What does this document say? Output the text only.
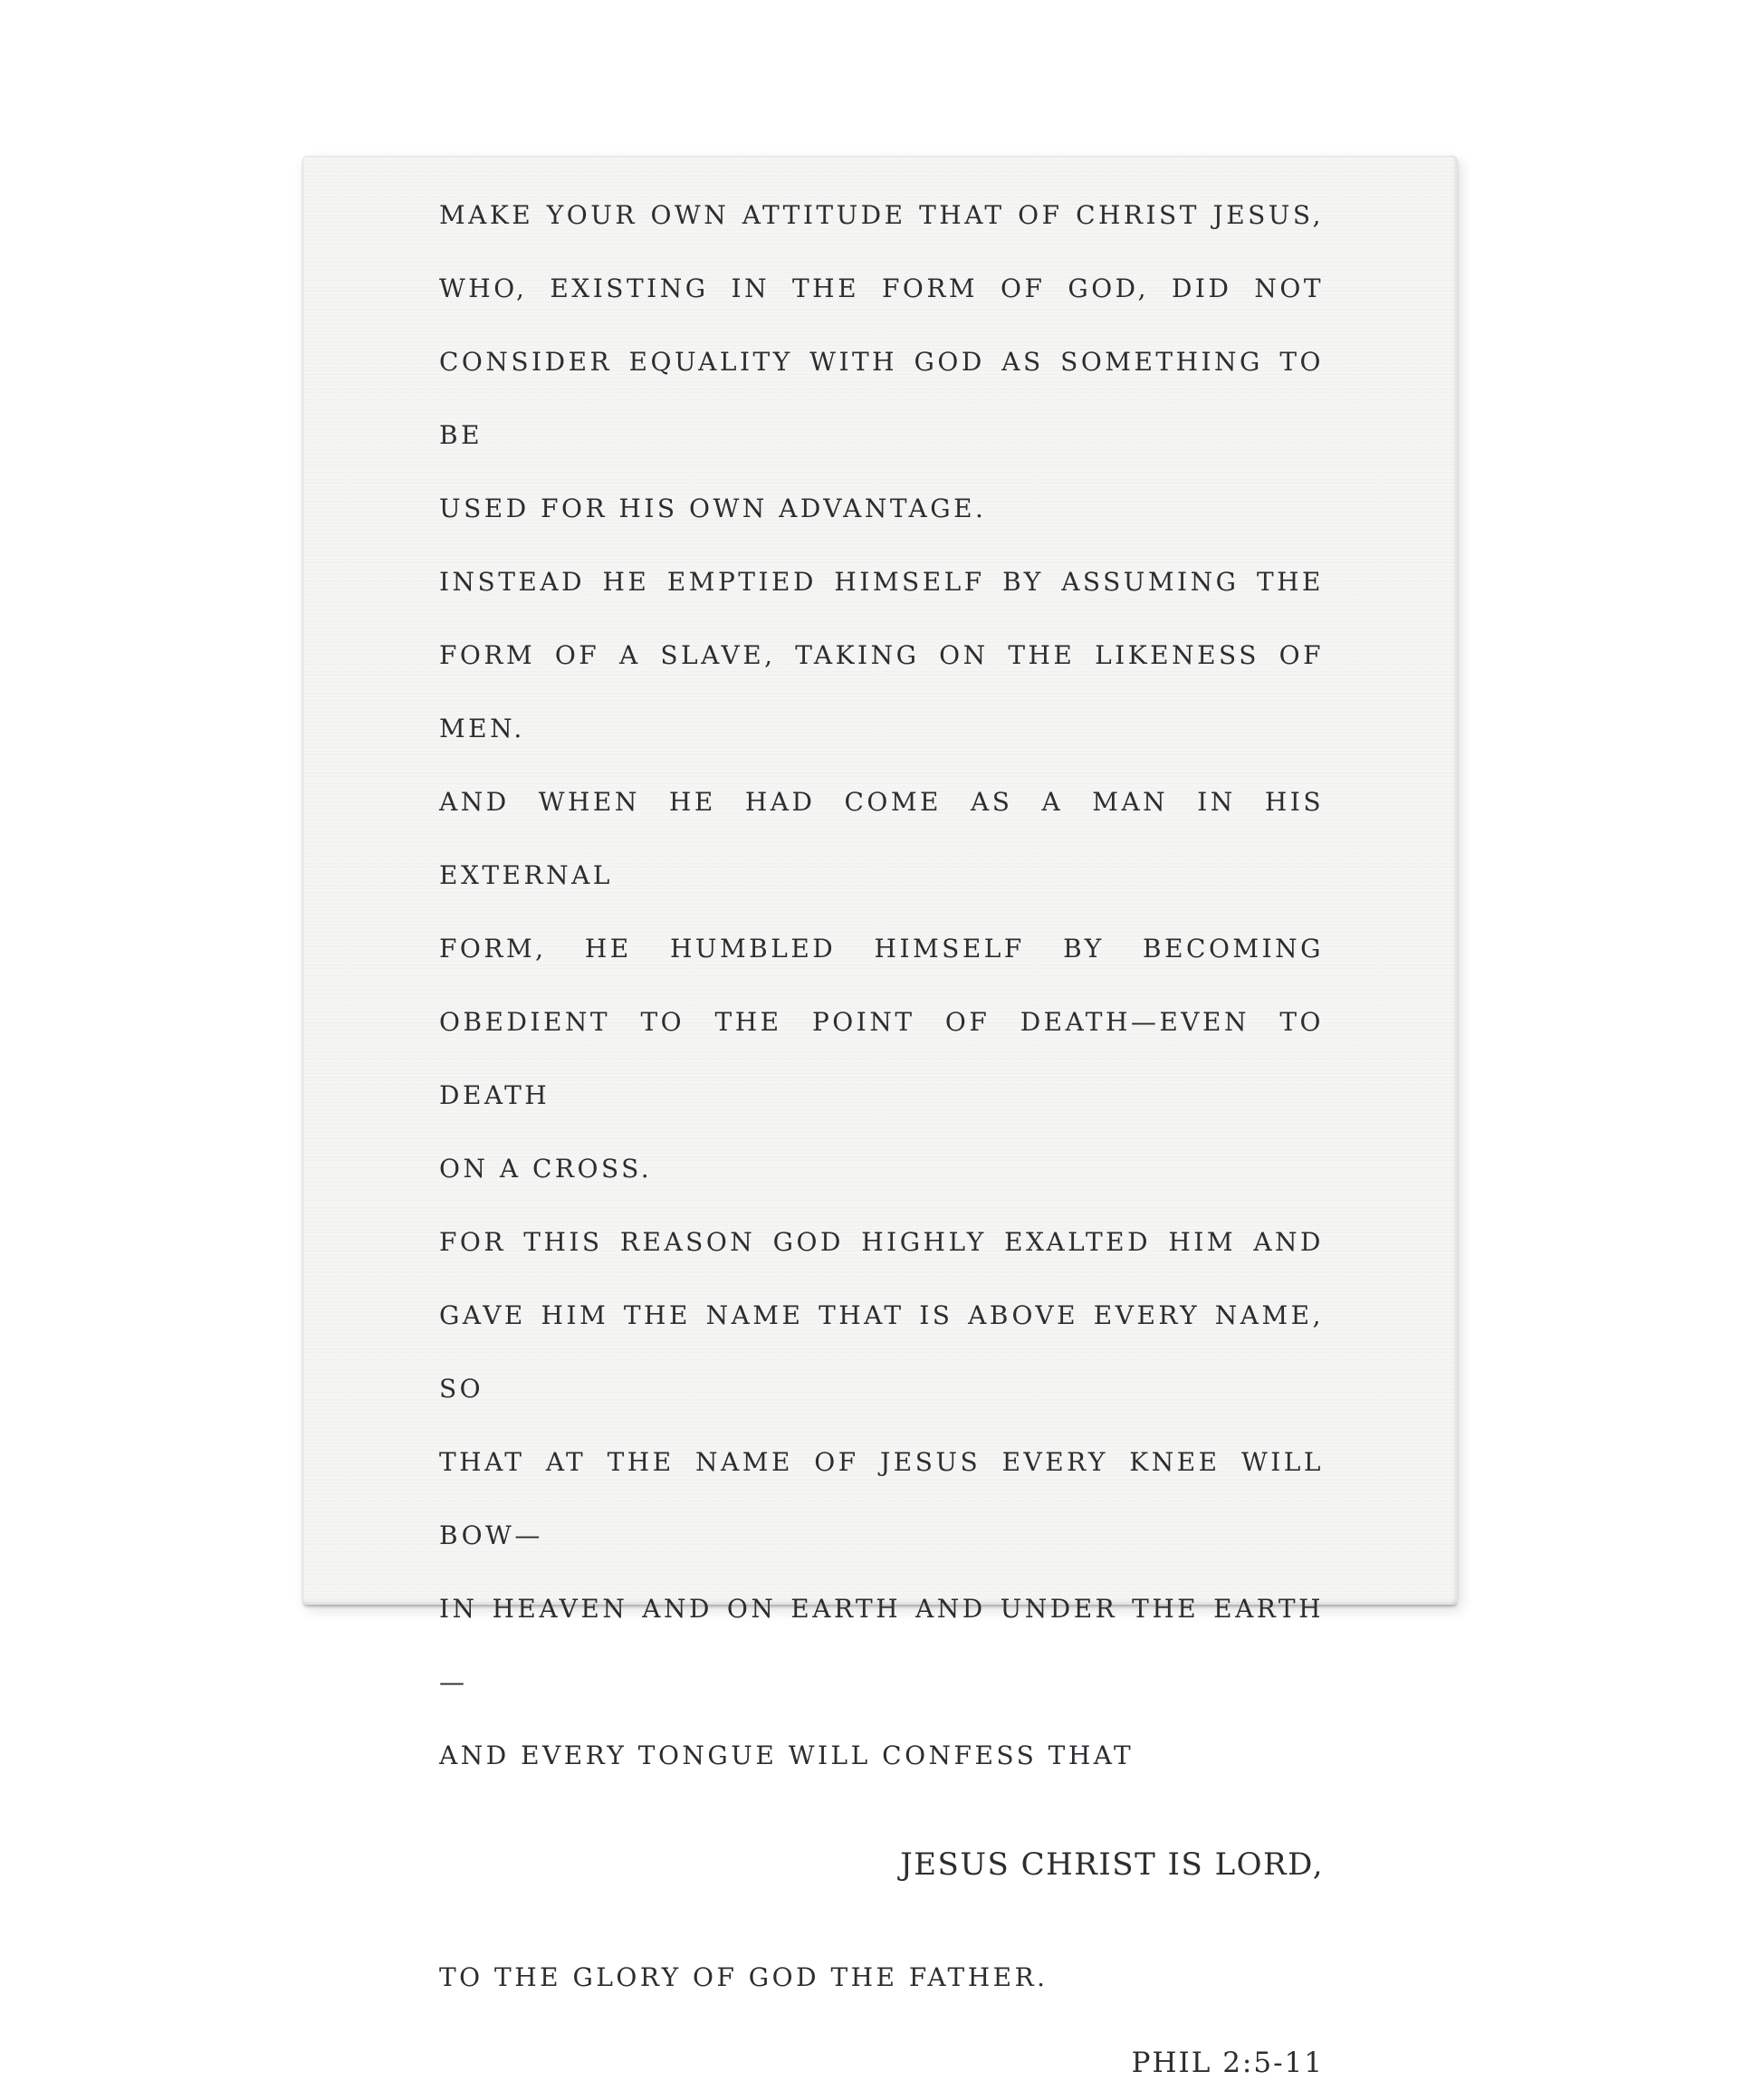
MAKE YOUR OWN ATTITUDE THAT OF CHRIST JESUS,
WHO, EXISTING IN THE FORM OF GOD, DID NOT
CONSIDER EQUALITY WITH GOD AS SOMETHING TO BE
USED FOR HIS OWN ADVANTAGE.
INSTEAD HE EMPTIED HIMSELF BY ASSUMING THE
FORM OF A SLAVE, TAKING ON THE LIKENESS OF MEN.
AND WHEN HE HAD COME AS A MAN IN HIS EXTERNAL
FORM, HE HUMBLED HIMSELF BY BECOMING
OBEDIENT TO THE POINT OF DEATH—EVEN TO DEATH
ON A CROSS.
FOR THIS REASON GOD HIGHLY EXALTED HIM AND
GAVE HIM THE NAME THAT IS ABOVE EVERY NAME, SO
THAT AT THE NAME OF JESUS EVERY KNEE WILL BOW—
IN HEAVEN AND ON EARTH AND UNDER THE EARTH—
AND EVERY TONGUE WILL CONFESS THAT
JESUS CHRIST IS LORD,
TO THE GLORY OF GOD THE FATHER.
PHIL 2:5-11
